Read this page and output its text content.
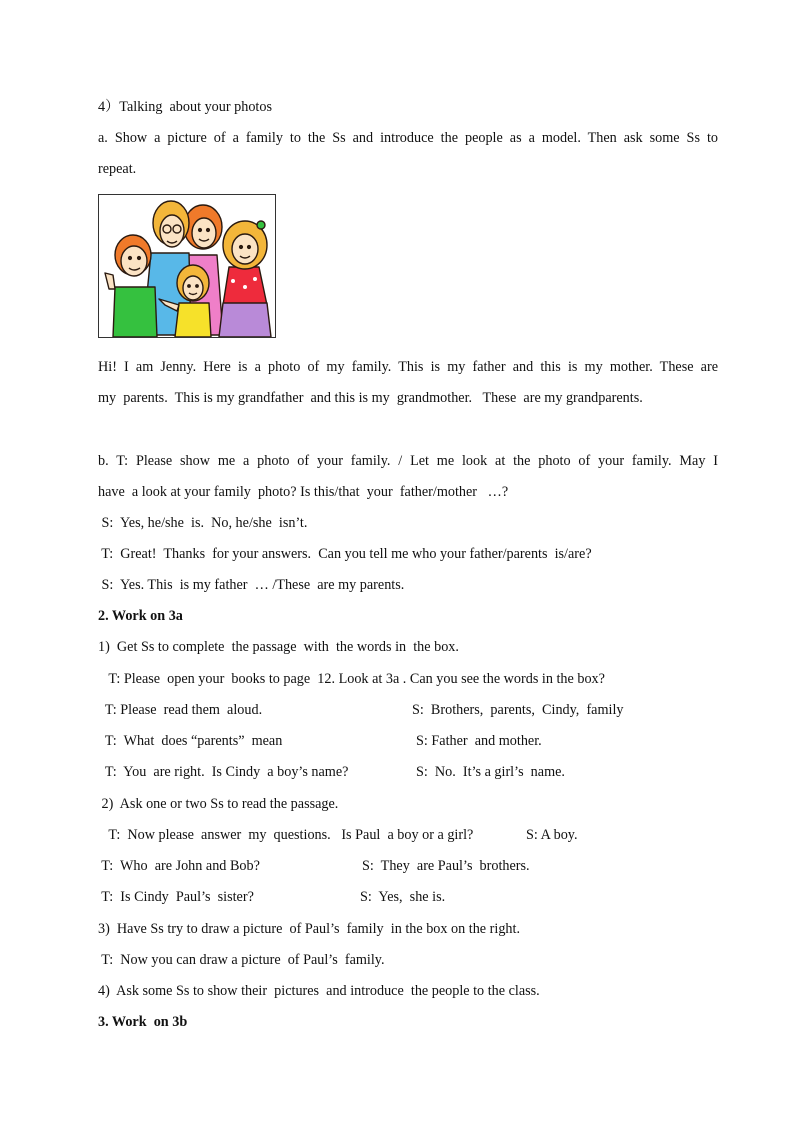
4）Talking  about your photos
a. Show a picture of a family to the Ss and introduce the people as a model. Then ask some Ss to
repeat.
Hi! I am Jenny. Here is a photo of my family. This is my father and this is my mother. These are
my  parents.  This is my grandfather  and this is my  grandmother.   These  are my grandparents.
b. T: Please show me a photo of your family. / Let me look at the photo of your family. May I
have  a look at your family  photo? Is this/that  your  father/mother   …?
S:  Yes, he/she  is.  No, he/she  isn’t.
T:  Great!  Thanks  for your answers.  Can you tell me who your father/parents  is/are?
S:  Yes. This  is my father  … /These  are my parents.
2. Work on 3a
1)  Get Ss to complete  the passage  with  the words in  the box.
T: Please  open your  books to page  12. Look at 3a . Can you see the words in the box?
T: Please  read them  aloud.	S:  Brothers,  parents,  Cindy,  family
T:  What  does “parents”  mean	S: Father  and mother.
T:  You  are right.  Is Cindy  a boy’s name?	S:  No.  It’s a girl’s  name.
2)  Ask one or two Ss to read the passage.
T:  Now please  answer  my  questions.   Is Paul  a boy or a girl?	S: A boy.
T:  Who  are John and Bob?	S:  They  are Paul’s  brothers.
T:  Is Cindy  Paul’s  sister?	S:  Yes,  she is.
3)  Have Ss try to draw a picture  of Paul’s  family  in the box on the right.
T:  Now you can draw a picture  of Paul’s  family.
4)  Ask some Ss to show their  pictures  and introduce  the people to the class.
3. Work  on 3b
